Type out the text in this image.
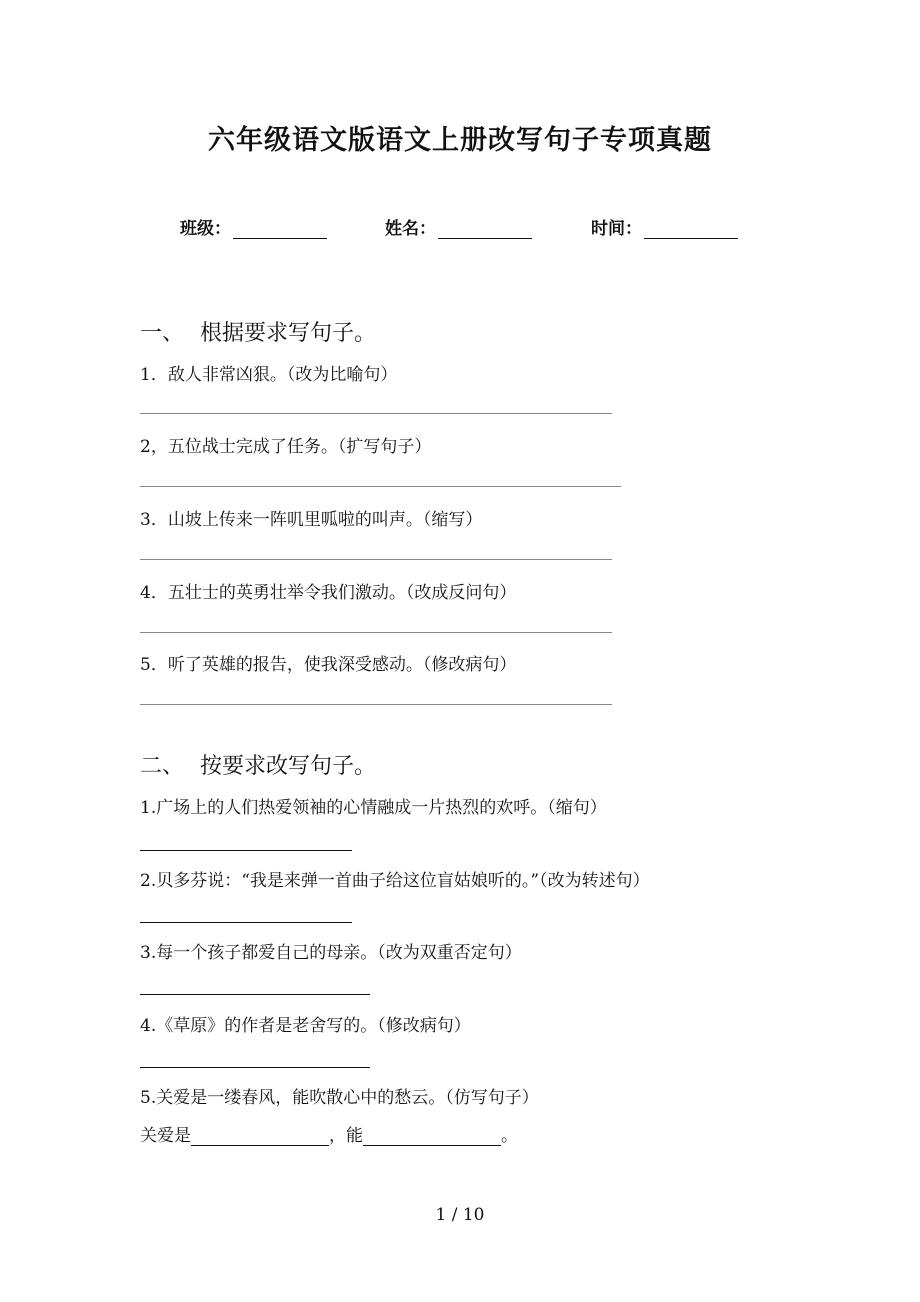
六年级语文版语文上册改写句子专项真题
班级：	姓名：	时间：
一、 根据要求写句子。
1．敌人非常凶狠。（改为比喻句）
2，五位战士完成了任务。（扩写句子）
3．山坡上传来一阵叽里呱啦的叫声。（缩写）
4．五壮士的英勇壮举令我们激动。（改成反问句）
5．听了英雄的报告，使我深受感动。（修改病句）
二、 按要求改写句子。
1.广场上的人们热爱领袖的心情融成一片热烈的欢呼。（缩句）
2.贝多芬说：“我是来弹一首曲子给这位盲姑娘听的。”（改为转述句）
3.每一个孩子都爱自己的母亲。（改为双重否定句）
4.《草原》的作者是老舍写的。（修改病句）
5.关爱是一缕春风，能吹散心中的愁云。（仿写句子）
关爱是	，能	。
1 / 10
